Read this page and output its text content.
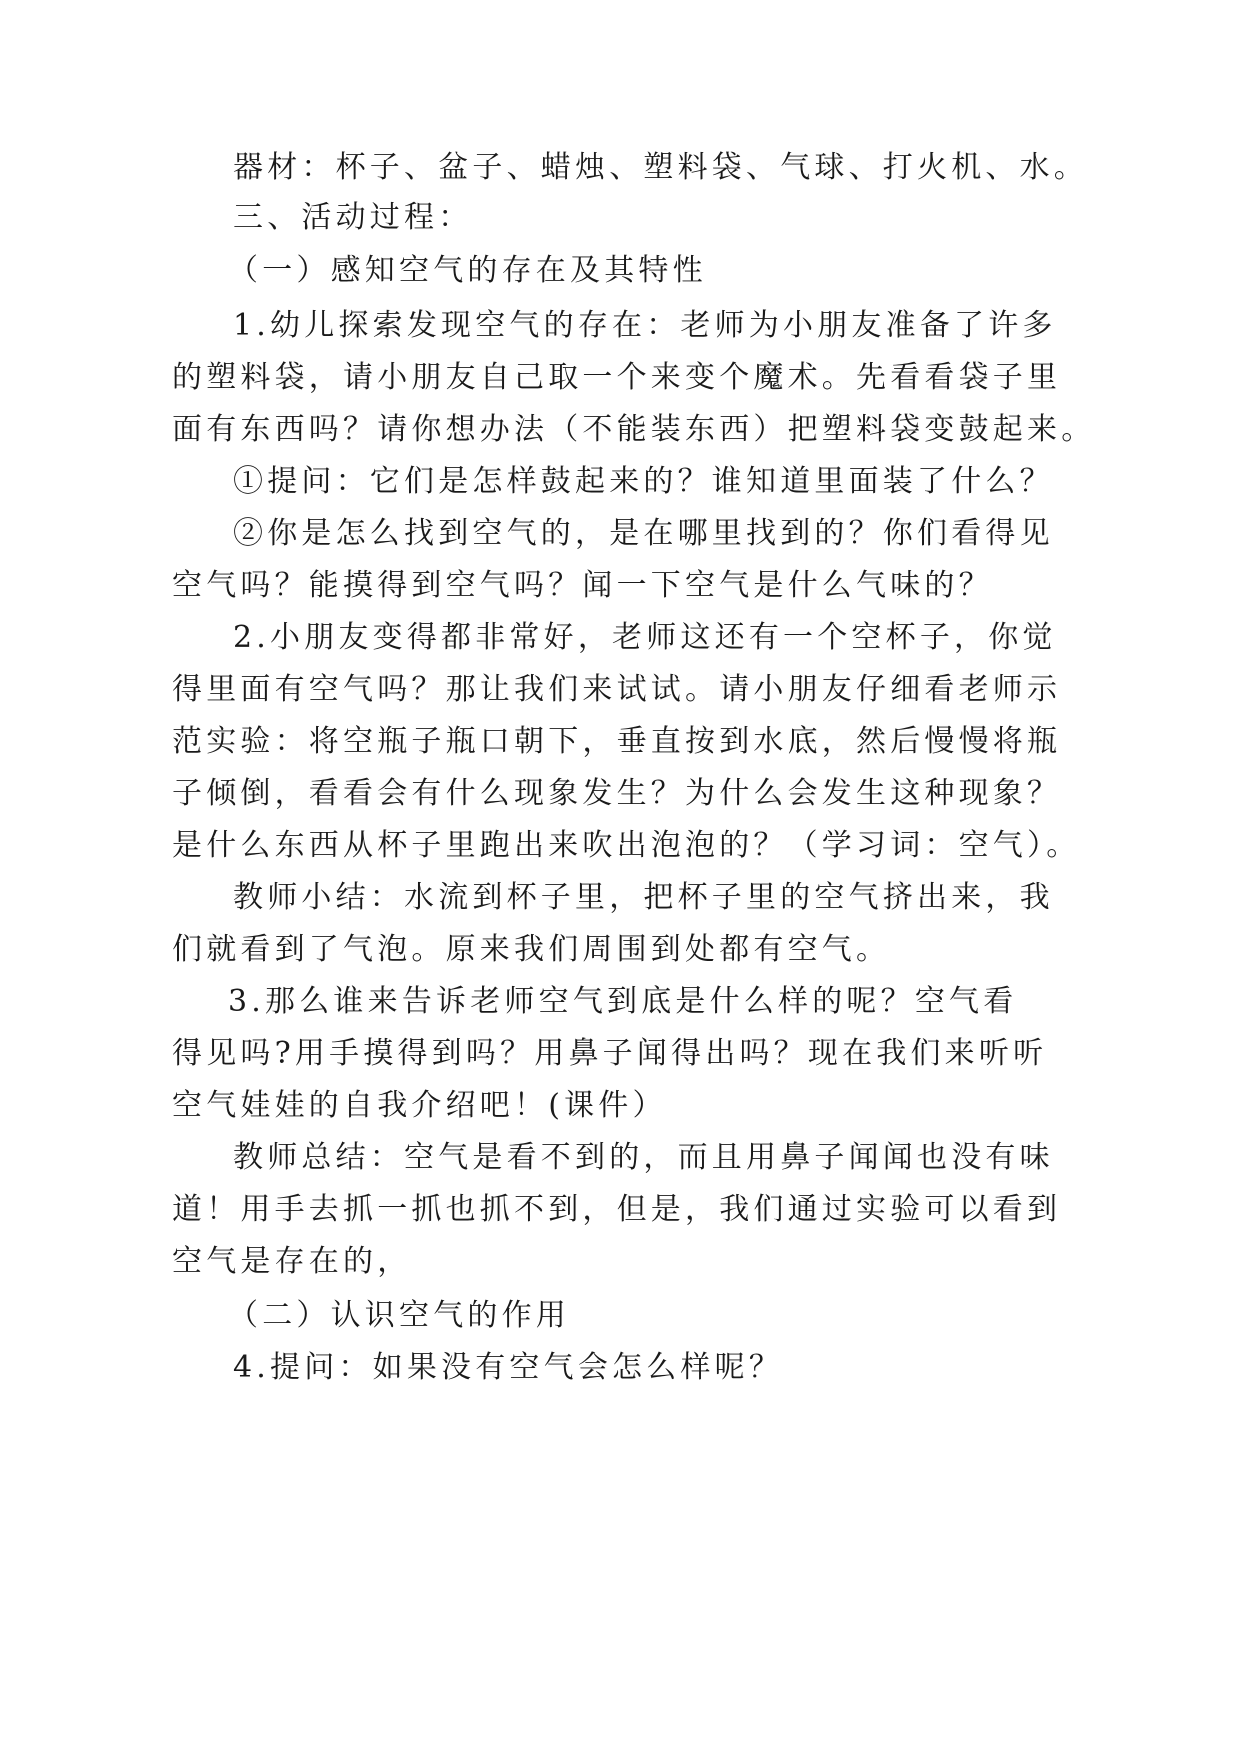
器材：杯子、盆子、蜡烛、塑料袋、气球、打火机、水。
三、活动过程：
（一）感知空气的存在及其特性
1.幼儿探索发现空气的存在：老师为小朋友准备了许多
的塑料袋，请小朋友自己取一个来变个魔术。先看看袋子里
面有东西吗？请你想办法（不能装东西）把塑料袋变鼓起来。
①提问：它们是怎样鼓起来的？谁知道里面装了什么？
②你是怎么找到空气的，是在哪里找到的？你们看得见
空气吗？能摸得到空气吗？闻一下空气是什么气味的？
2.小朋友变得都非常好，老师这还有一个空杯子，你觉
得里面有空气吗？那让我们来试试。请小朋友仔细看老师示
范实验：将空瓶子瓶口朝下，垂直按到水底，然后慢慢将瓶
子倾倒，看看会有什么现象发生？为什么会发生这种现象？
是什么东西从杯子里跑出来吹出泡泡的？（学习词：空气）。
教师小结：水流到杯子里，把杯子里的空气挤出来，我
们就看到了气泡。原来我们周围到处都有空气。
3.那么谁来告诉老师空气到底是什么样的呢？空气看
得见吗?用手摸得到吗？用鼻子闻得出吗？现在我们来听听
空气娃娃的自我介绍吧！(课件）
教师总结：空气是看不到的，而且用鼻子闻闻也没有味
道！用手去抓一抓也抓不到，但是，我们通过实验可以看到
空气是存在的，
（二）认识空气的作用
4.提问：如果没有空气会怎么样呢？
